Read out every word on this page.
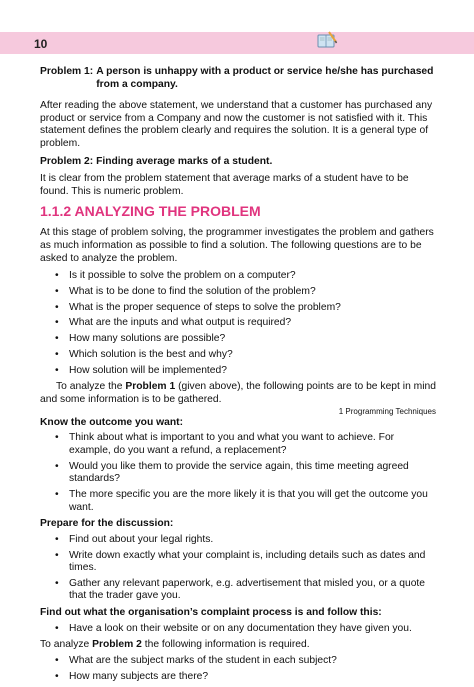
10
Problem 1: A person is unhappy with a product or service he/she has purchased from a company.

After reading the above statement, we understand that a customer has purchased any product or service from a Company and now the customer is not satisfied with it. This statement defines the problem clearly and requires the solution. It is a general type of problem.

Problem 2: Finding average marks of a student.

It is clear from the problem statement that average marks of a student have to be found. This is numeric problem.

1.1.2 ANALYZING THE PROBLEM

At this stage of problem solving, the programmer investigates the problem and gathers as much information as possible to find a solution. The following questions are to be asked to analyze the problem.

• Is it possible to solve the problem on a computer?
• What is to be done to find the solution of the problem?
• What is the proper sequence of steps to solve the problem?
• What are the inputs and what output is required?
• How many solutions are possible?
• Which solution is the best and why?
• How solution will be implemented?

To analyze the Problem 1 (given above), the following points are to be kept in mind and some information is to be gathered.

1 Programming Techniques

Know the outcome you want:

• Think about what is important to you and what you want to achieve. For example, do you want a refund, a replacement?
• Would you like them to provide the service again, this time meeting agreed standards?
• The more specific you are the more likely it is that you will get the outcome you want.

Prepare for the discussion:

• Find out about your legal rights.
• Write down exactly what your complaint is, including details such as dates and times.
• Gather any relevant paperwork, e.g. advertisement that misled you, or a quote that the trader gave you.

Find out what the organisation’s complaint process is and follow this:

• Have a look on their website or on any documentation they have given you.

To analyze Problem 2 the following information is required.

• What are the subject marks of the student in each subject?
• How many subjects are there?
